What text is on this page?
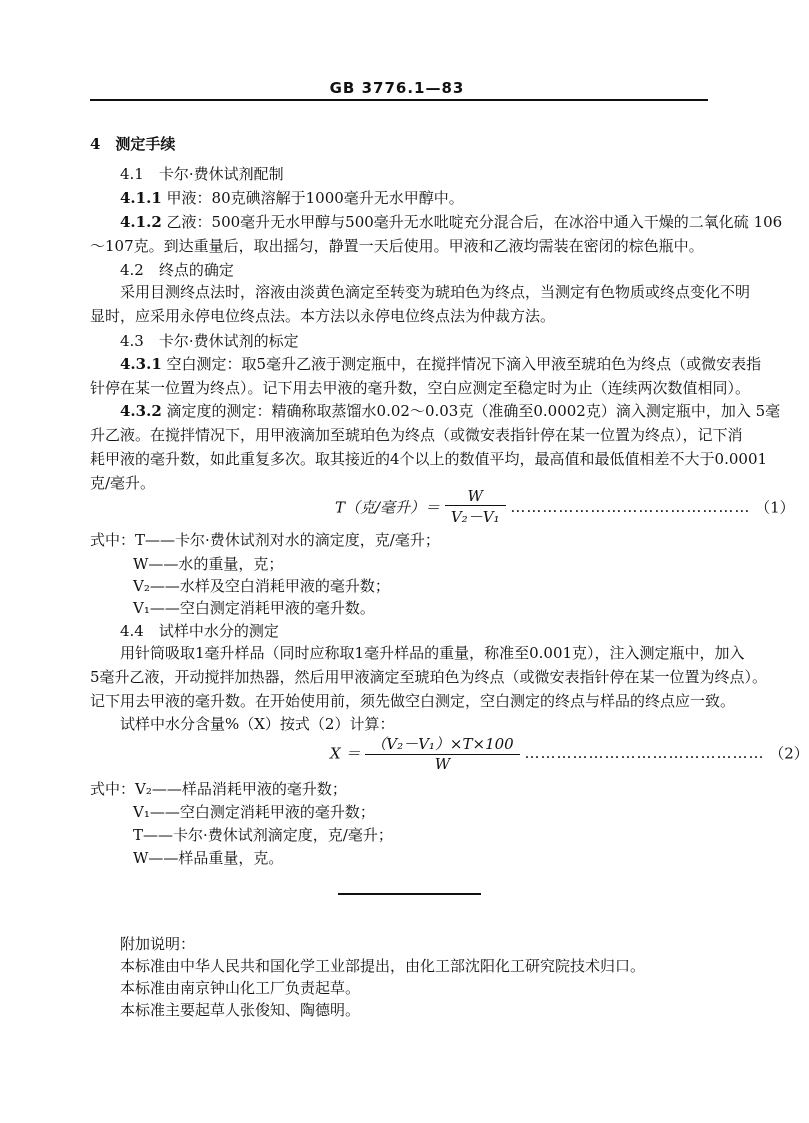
GB 3776.1—83
4　测定手续
4.1　卡尔·费休试剂配制
4.1.1 甲液：80克碘溶解于1000毫升无水甲醇中。
4.1.2 乙液：500毫升无水甲醇与500毫升无水吡啶充分混合后，在冰浴中通入干燥的二氧化硫 106
～107克。到达重量后，取出摇匀，静置一天后使用。甲液和乙液均需装在密闭的棕色瓶中。
4.2　终点的确定
采用目测终点法时，溶液由淡黄色滴定至转变为琥珀色为终点，当测定有色物质或终点变化不明
显时，应采用永停电位终点法。本方法以永停电位终点法为仲裁方法。
4.3　卡尔·费休试剂的标定
4.3.1 空白测定：取5毫升乙液于测定瓶中，在搅拌情况下滴入甲液至琥珀色为终点（或微安表指
针停在某一位置为终点）。记下用去甲液的毫升数，空白应测定至稳定时为止（连续两次数值相同）。
4.3.2 滴定度的测定：精确称取蒸馏水0.02～0.03克（准确至0.0002克）滴入测定瓶中，加入 5毫
升乙液。在搅拌情况下，用甲液滴加至琥珀色为终点（或微安表指针停在某一位置为终点），记下消
耗甲液的毫升数，如此重复多次。取其接近的4个以上的数值平均，最高值和最低值相差不大于0.0001
克/毫升。
T（克/毫升）＝ $\frac{W}{\text{V₂－V₁}}$ ……………………………………… （1）
式中：T——卡尔·费休试剂对水的滴定度，克/毫升；
W——水的重量，克；
V₂——水样及空白消耗甲液的毫升数；
V₁——空白测定消耗甲液的毫升数。
4.4　试样中水分的测定
用针筒吸取1毫升样品（同时应称取1毫升样品的重量，称准至0.001克），注入测定瓶中，加入
5毫升乙液，开动搅拌加热器，然后用甲液滴定至琥珀色为终点（或微安表指针停在某一位置为终点）。
记下用去甲液的毫升数。在开始使用前，须先做空白测定，空白测定的终点与样品的终点应一致。
试样中水分含量%（X）按式（2）计算：
$X = \frac{\text{（V₂－V₁）×T×100}}{W}$ ……………………………………… （2）
式中：V₂——样品消耗甲液的毫升数；
V₁——空白测定消耗甲液的毫升数；
T——卡尔·费休试剂滴定度，克/毫升；
W——样品重量，克。
附加说明：
本标准由中华人民共和国化学工业部提出，由化工部沈阳化工研究院技术归口。
本标准由南京钟山化工厂负责起草。
本标准主要起草人张俊知、陶德明。
